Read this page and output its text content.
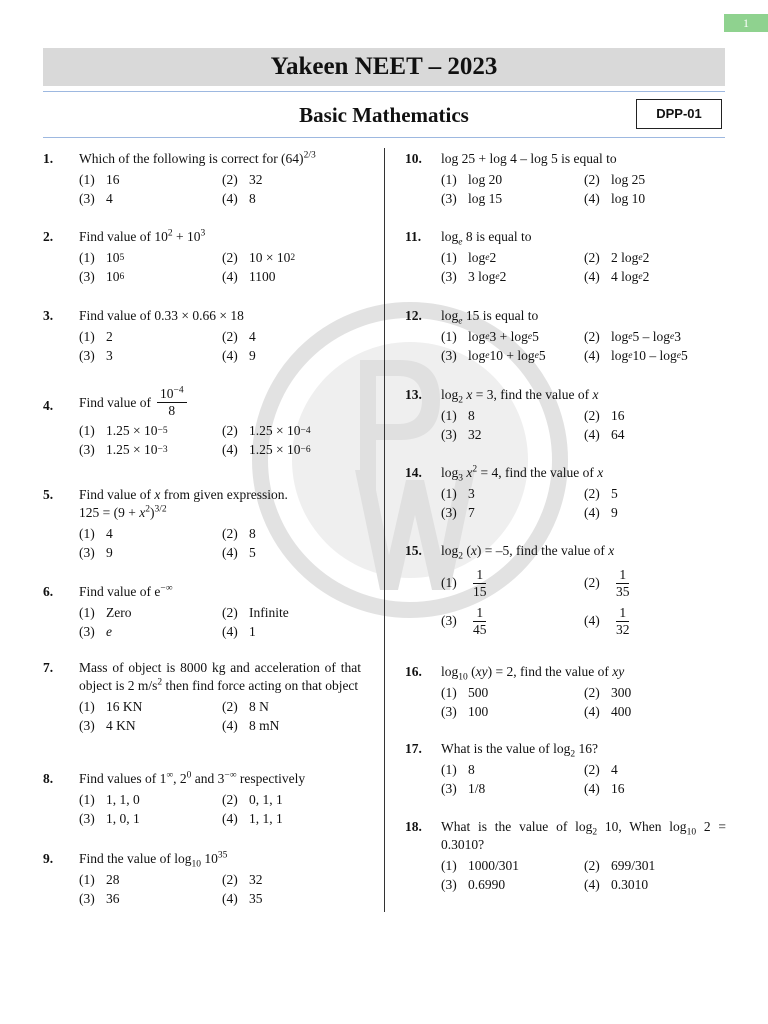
1
Yakeen NEET – 2023
Basic Mathematics	DPP-01
1. Which of the following is correct for $(64)^{2/3}$
(1) 16	(2) 32
(3) 4	(4) 8
2. Find value of $10^2 + 10^3$
(1) 10 5	(2) 10 × 10 2
(3) 10 6	(4) 1100
3. Find value of 0.33 × 0.66 × 18
(1) 2	(2) 4
(3) 3	(4) 9
4. Find value of $\frac{10^{-4}}{8}$
(1) 1.25 × 10 −5	(2) 1.25 × 10 −4
(3) 1.25 × 10 −3	(4) 1.25 × 10 −6
5. Find value of x from given expression.
$125 = (9 + x^2)^{3/2}$
(1) 4	(2) 8
(3) 9	(4) 5
6. Find value of e−∞
(1) Zero	(2) Infinite
(3) e	(4) 1
7. Mass of object is 8000 kg and acceleration of that object is 2 $m/s^2$ then find force acting on that object
(1) 16 KN	(2) 8 N
(3) 4 KN	(4) 8 mN
8. Find values of 1∞, $2^0$ and 3−∞ respectively
(1) 1, 1, 0	(2) 0, 1, 1
(3) 1, 0, 1	(4) 1, 1, 1
9. Find the value of $\log_{10} 10^{35}$
(1) 28	(2) 32
(3) 36	(4) 35
10. log 25 + log 4 – log 5 is equal to
(1) log 20	(2) log 25
(3) log 15	(4) log 10
11. $\log_e 8$ is equal to
(1) log e 2	(2) 2 log e 2
(3) 3 log e 2	(4) 4 log e 2
12. $\log_e 15$ is equal to
(1) log e 3 + log e 5	(2) log e 5 – log e 3
(3) log e 10 + log e 5	(4) log e 10 – log e 5
13. $\log_2 x = 3$, find the value of x
(1) 8	(2) 16
(3) 32	(4) 64
14. $\log_3 x^2 = 4$, find the value of x
(1) 3	(2) 5
(3) 7	(4) 9
15. $\log_2 (x) = -5$, find the value of x
$(1) \frac{1}{15}$	$(2) \frac{1}{35}$
$(3) \frac{1}{45}$	$(4) \frac{1}{32}$
16. $\log_{10} (xy) = 2$, find the value of xy
(1) 500	(2) 300
(3) 100	(4) 400
17. What is the value of $\log_2 16$?
(1) 8	(2) 4
(3) 1/8	(4) 16
18. What is the value of $\log_2 10$, When $\log_{10} 2 = 0.3010$?
(1) 1000/301	(2) 699/301
(3) 0.6990	(4) 0.3010
